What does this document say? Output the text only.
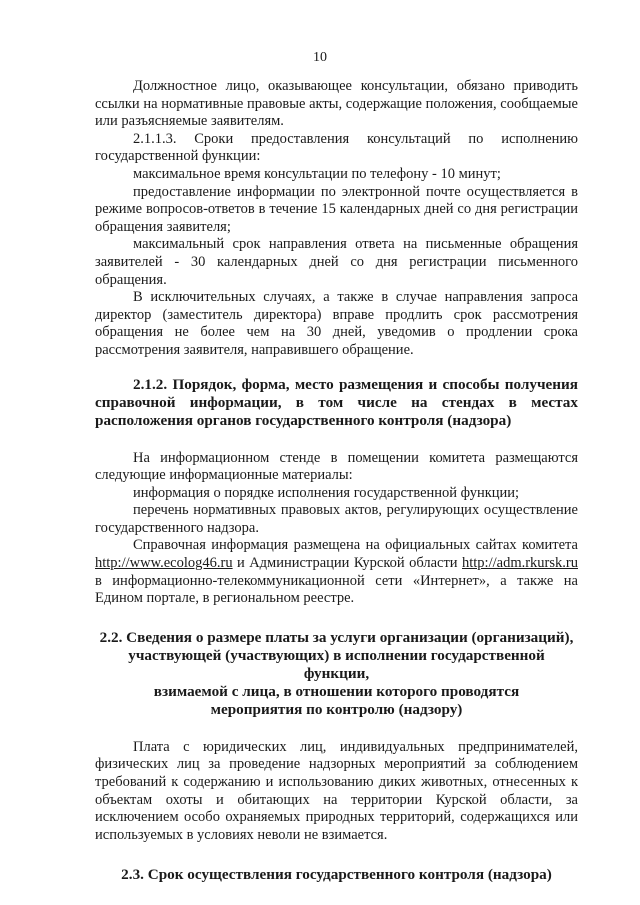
10

Должностное лицо, оказывающее консультации, обязано приводить ссылки на нормативные правовые акты, содержащие положения, сообщаемые или разъясняемые заявителям.

2.1.1.3. Сроки предоставления консультаций по исполнению

государственной функции:

максимальное время консультации по телефону - 10 минут;

предоставление информации по электронной почте осуществляется в режиме вопросов-ответов в течение 15 календарных дней со дня регистрации обращения заявителя;

максимальный срок направления ответа на письменные обращения заявителей - 30 календарных дней со дня регистрации письменного обращения.

В исключительных случаях, а также в случае направления запроса директор (заместитель директора) вправе продлить срок рассмотрения обращения не более чем на 30 дней, уведомив о продлении срока рассмотрения заявителя, направившего обращение.

2.1.2. Порядок, форма, место размещения и способы получения справочной информации, в том числе на стендах в местах расположения органов государственного контроля (надзора)

На информационном стенде в помещении комитета размещаются следующие информационные материалы:

информация о порядке исполнения государственной функции;

перечень нормативных правовых актов, регулирующих осуществление государственного надзора.

Справочная информация размещена на официальных сайтах комитета http://www.ecolog46.ru и Администрации Курской области http://adm.rkursk.ru в информационно-телекоммуникационной сети «Интернет», а также на Едином портале, в региональном реестре.

2.2. Сведения о размере платы за услуги организации (организаций),
участвующей (участвующих) в исполнении государственной функции,
взимаемой с лица, в отношении которого проводятся
мероприятия по контролю (надзору)

Плата с юридических лиц, индивидуальных предпринимателей, физических лиц за проведение надзорных мероприятий за соблюдением требований к содержанию и использованию диких животных, отнесенных к объектам охоты и обитающих на территории Курской области, за исключением особо охраняемых природных территорий, содержащихся или используемых в условиях неволи не взимается.

2.3. Срок осуществления государственного контроля (надзора)
